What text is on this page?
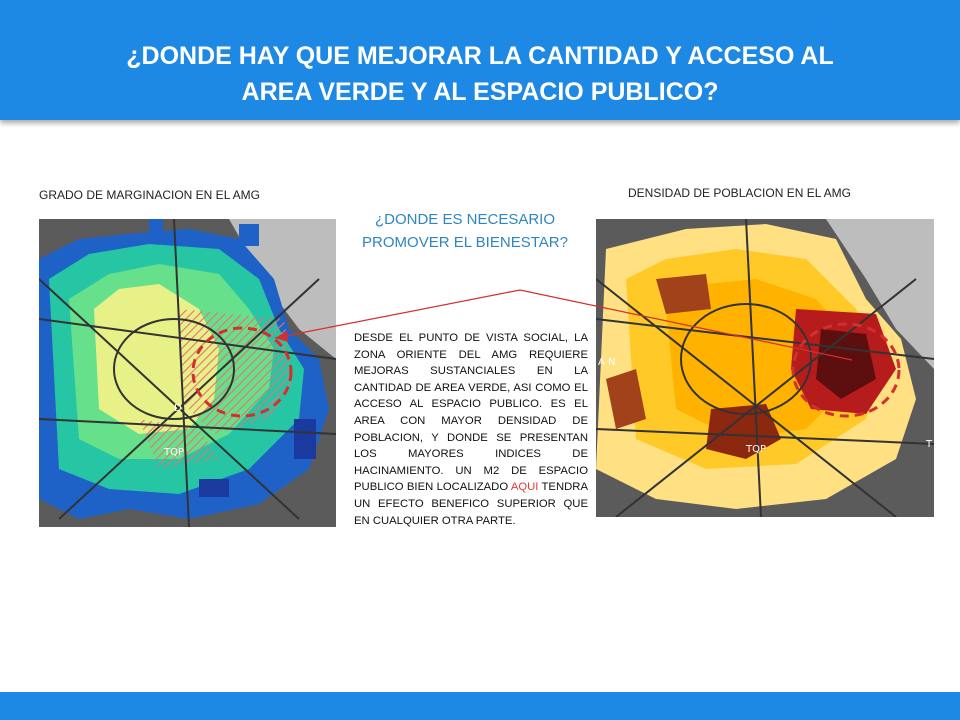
¿DONDE HAY QUE MEJORAR LA CANTIDAD Y ACCESO AL AREA VERDE Y AL ESPACIO PUBLICO?
GRADO DE MARGINACION EN EL AMG	DENSIDAD DE POBLACION EN EL AMG
TQP
D
TQP
A N
T
¿DONDE ES NECESARIO PROMOVER EL BIENESTAR?
DESDE EL PUNTO DE VISTA SOCIAL, LA ZONA ORIENTE DEL AMG REQUIERE MEJORAS SUSTANCIALES EN LA CANTIDAD DE AREA VERDE, ASI COMO EL ACCESO AL ESPACIO PUBLICO. ES EL AREA CON MAYOR DENSIDAD DE POBLACION, Y DONDE SE PRESENTAN LOS MAYORES INDICES DE HACINAMIENTO. UN M2 DE ESPACIO PUBLICO BIEN LOCALIZADO AQUI TENDRA UN EFECTO BENEFICO SUPERIOR QUE EN CUALQUIER OTRA PARTE.
